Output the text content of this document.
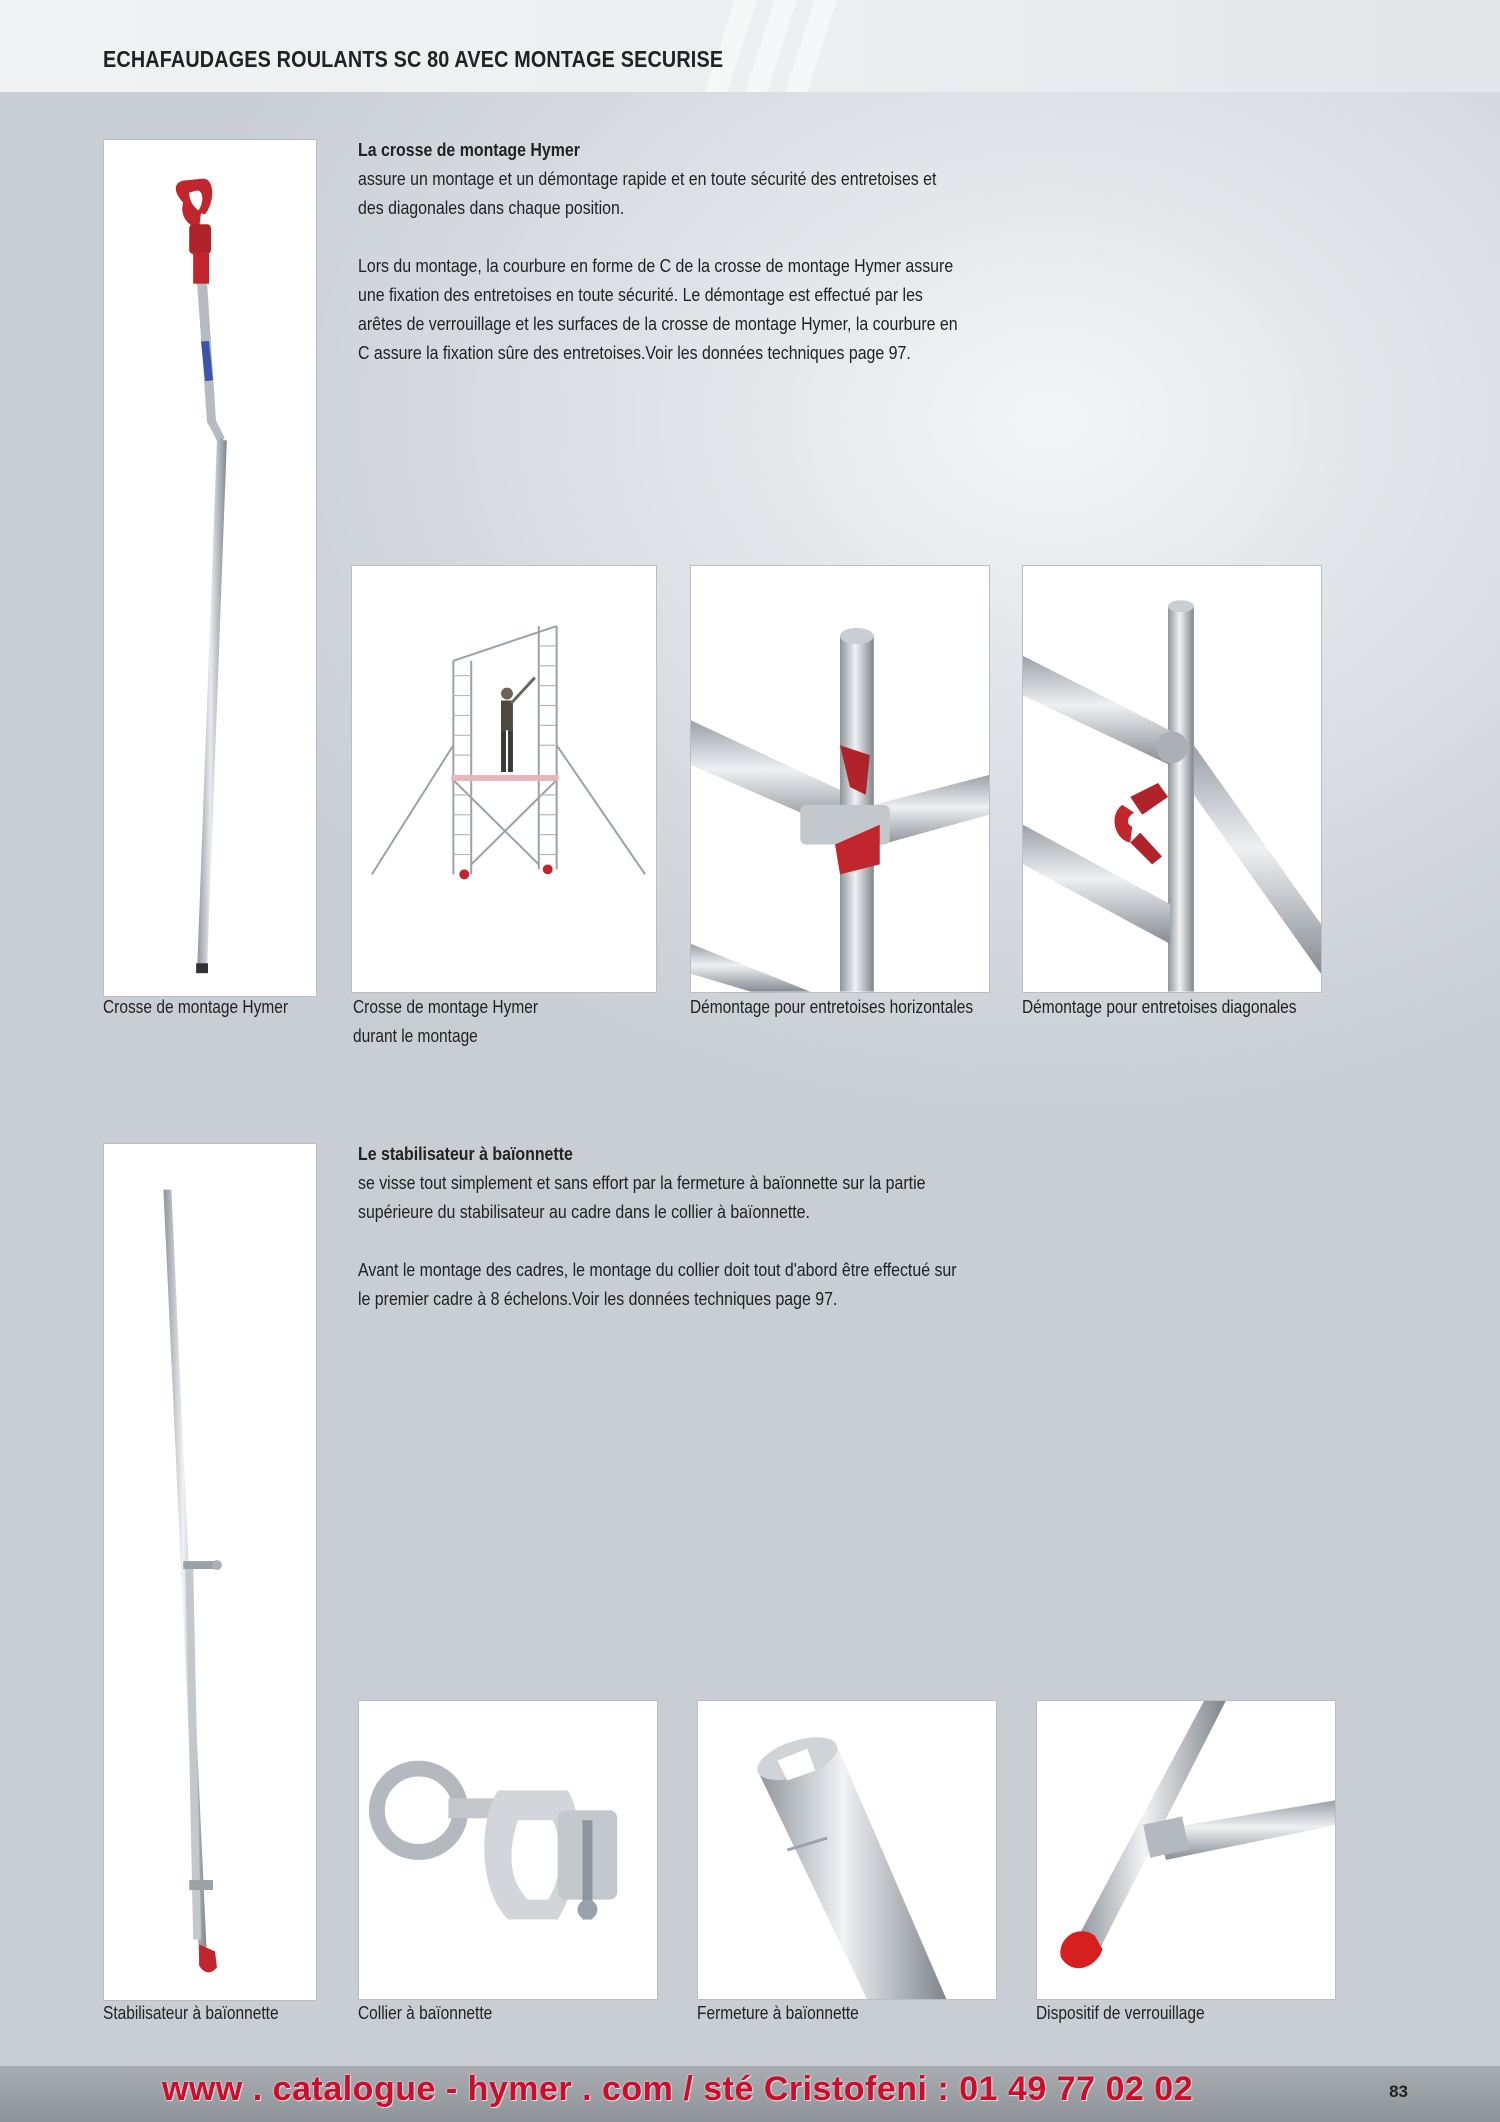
ECHAFAUDAGES ROULANTS SC 80 AVEC MONTAGE SECURISE
Crosse de montage Hymer
La crosse de montage Hymer

assure un montage et un démontage rapide et en toute sécurité des entretoises et des diagonales dans chaque position.

Lors du montage, la courbure en forme de C de la crosse de montage Hymer assure une fixation des entretoises en toute sécurité. Le démontage est effectué par les arêtes de verrouillage et les surfaces de la crosse de montage Hymer, la courbure en C assure la fixation sûre des entretoises.Voir les données techniques page 97.

Crosse de montage Hymer
durant le montage
Démontage pour entretoises horizontales	Démontage pour entretoises diagonales
Stabilisateur à baïonnette
Le stabilisateur à baïonnette

se visse tout simplement et sans effort par la fermeture à baïonnette sur la partie supérieure du stabilisateur au cadre dans le collier à baïonnette.

Avant le montage des cadres, le montage du collier doit tout d'abord être effectué sur le premier cadre à 8 échelons.Voir les données techniques page 97.

Collier à baïonnette	Fermeture à baïonnette	Dispositif de verrouillage
www . catalogue - hymer . com / sté Cristofeni : 01 49 77 02 02	83
